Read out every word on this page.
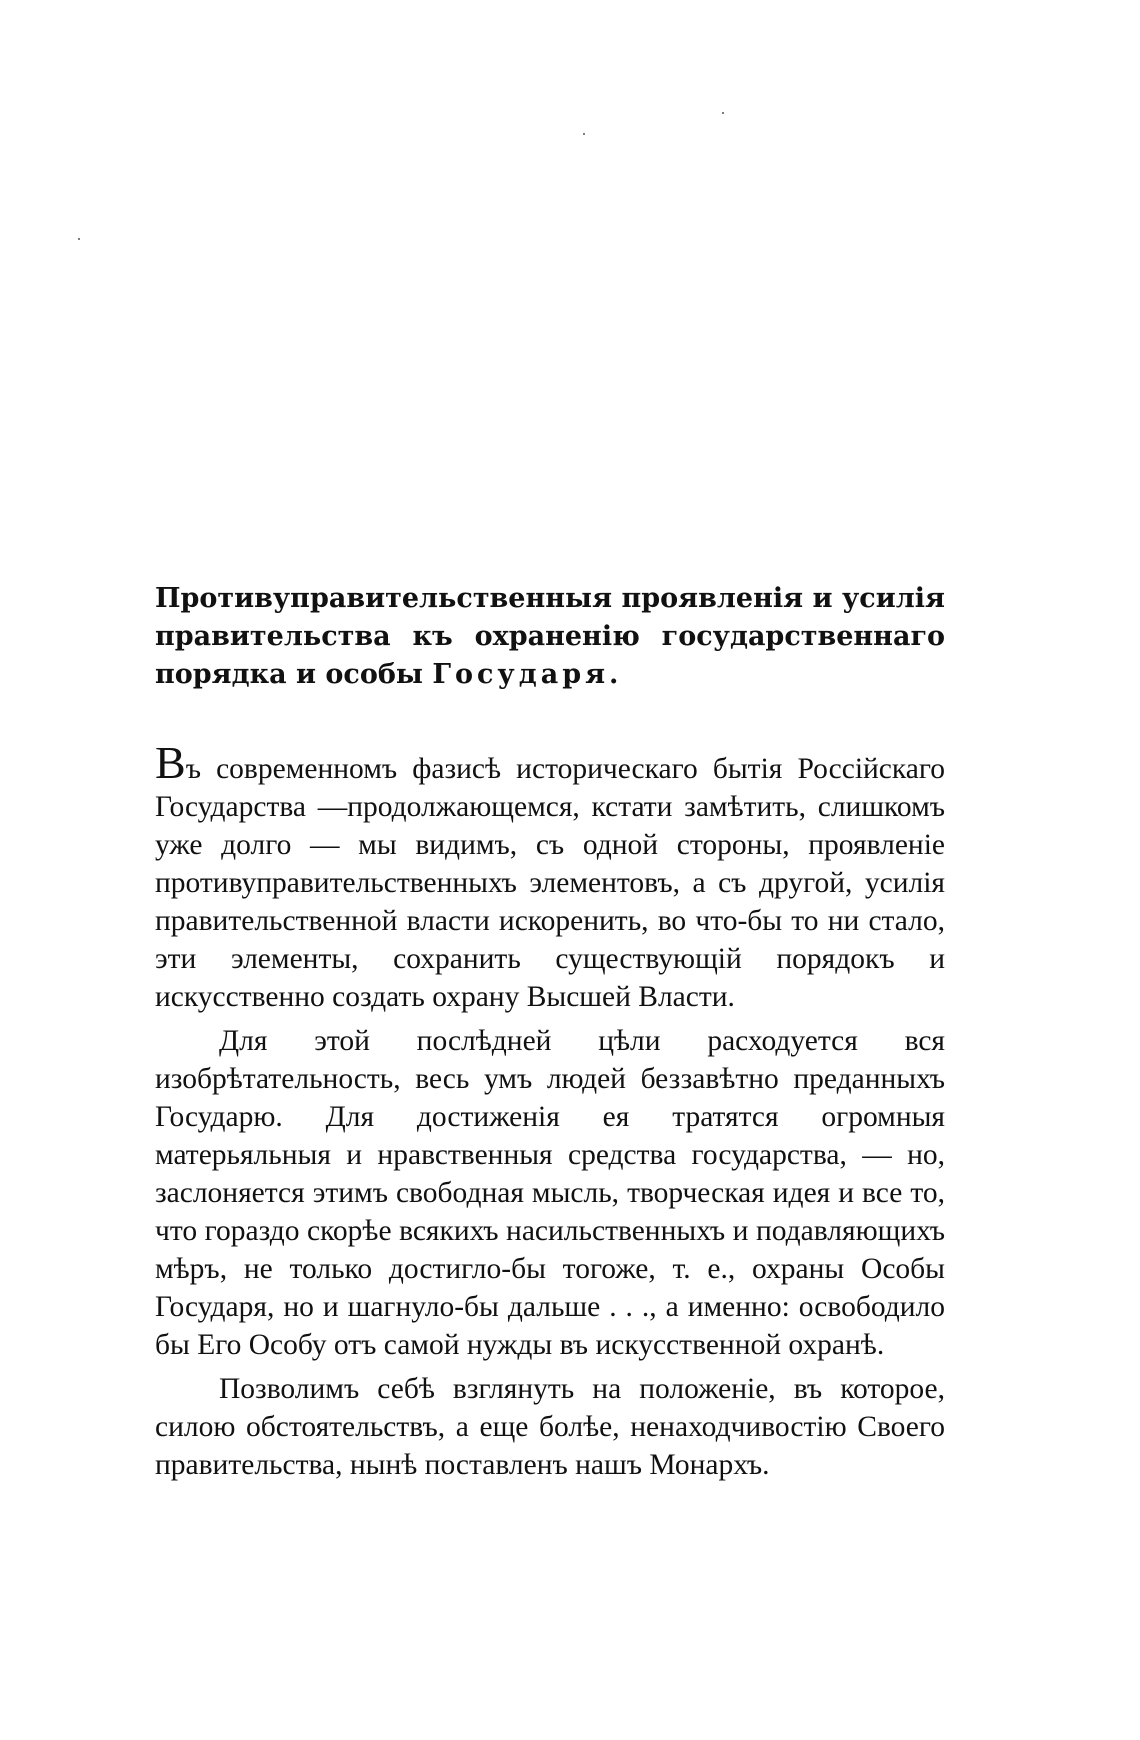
Противуправительственныя проявленія и усилія правительства къ охраненію государственнаго порядка и особы Государя.

Въ современномъ фазисѣ историческаго бытія Россійскаго Государства —продолжающемся, кстати замѣтить, слишкомъ уже долго — мы видимъ, съ одной стороны, проявленіе противуправительственныхъ элементовъ, а съ другой, усилія правительственной власти искоренить, во что-бы то ни стало, эти элементы, сохранить существующій порядокъ и искусственно создать охрану Высшей Власти.

Для этой послѣдней цѣли расходуется вся изобрѣтательность, весь умъ людей беззавѣтно преданныхъ Государю. Для достиженія ея тратятся огромныя матерьяльныя и нравственныя средства государства, — но, заслоняется этимъ свободная мысль, творческая идея и все то, что гораздо скорѣе всякихъ насильственныхъ и подавляющихъ мѣръ, не только достигло-бы тогоже, т. е., охраны Особы Государя, но и шагнуло-бы дальше . . ., а именно: освободило бы Его Особу отъ самой нужды въ искусственной охранѣ.

Позволимъ себѣ взглянуть на положеніе, въ которое, силою обстоятельствъ, а еще болѣе, ненаходчивостію Своего правительства, нынѣ поставленъ нашъ Монархъ.
